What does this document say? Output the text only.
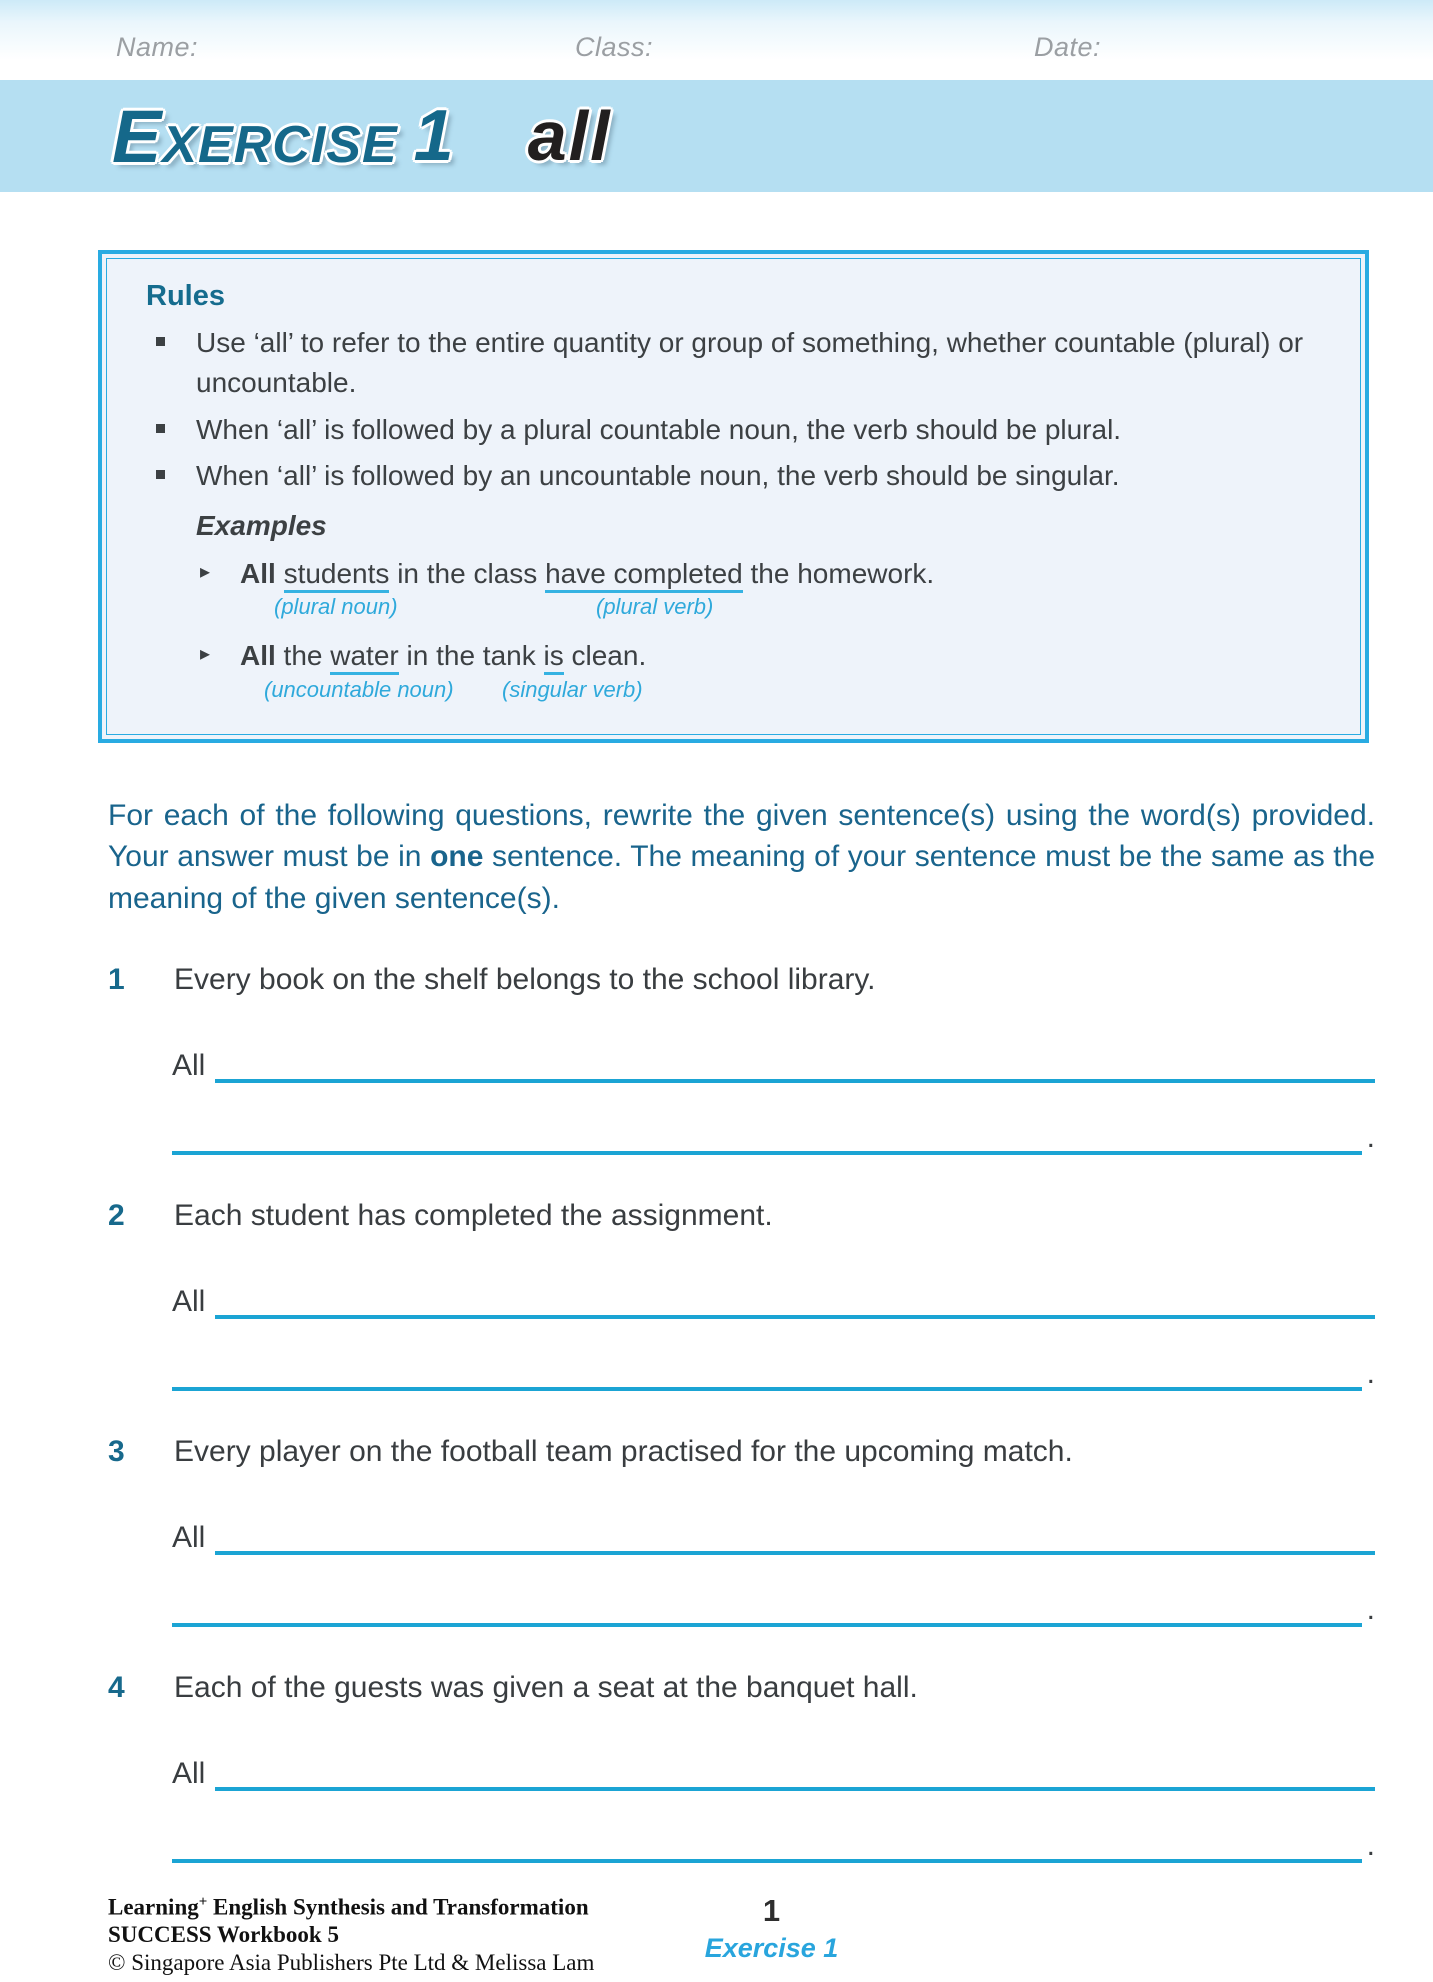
Name:	Class:	Date:
EXERCISE 1 all
Rules
Use ‘all’ to refer to the entire quantity or group of something, whether countable (plural) or uncountable.
When ‘all’ is followed by a plural countable noun, the verb should be plural.
When ‘all’ is followed by an uncountable noun, the verb should be singular.
Examples
▸ All students in the class have completed the homework.
(plural noun)	(plural verb)
▸ All the water in the tank is clean.
(uncountable noun) (singular verb)

For each of the following questions, rewrite the given sentence(s) using the word(s) provided. Your answer must be in one sentence. The meaning of your sentence must be the same as the meaning of the given sentence(s).

1	Every book on the shelf belongs to the school library.
All
.
2	Each student has completed the assignment.
All
.
3	Every player on the football team practised for the upcoming match.
All
.
4	Each of the guests was given a seat at the banquet hall.
All
.
Learning+ English Synthesis and Transformation
SUCCESS Workbook 5
© Singapore Asia Publishers Pte Ltd & Melissa Lam
1
Exercise 1
